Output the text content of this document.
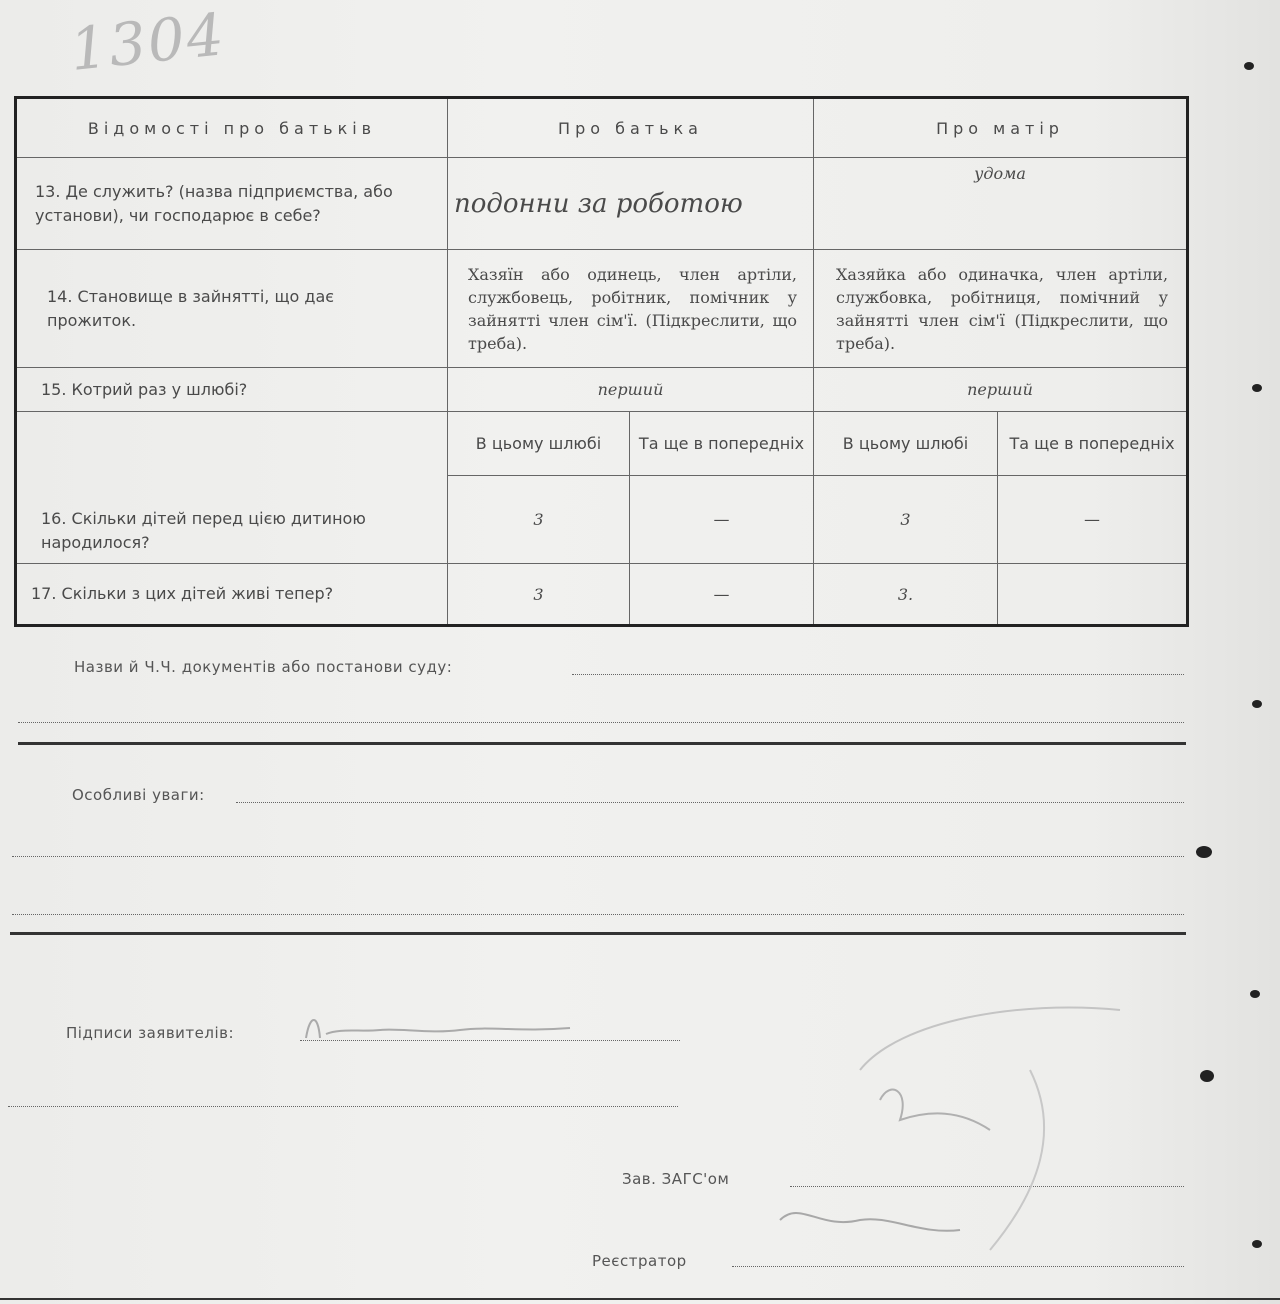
1304
Відомості про батьків	Про батька		Про матір	
13. Де служить? (назва підприємства, або установи), чи господарює в себе?	подонни за роботою		удома	
14. Становище в зайнятті, що дає прожиток.	Хазяїн або одинець, член артіли, службовець, робітник, помічник у зайнятті член сім'ї. (Підкреслити, що треба).		Хазяйка або одиначка, член артіли, службовка, робітниця, помічний у зайнятті член сім'ї (Підкреслити, що треба).	
15. Котрий раз у шлюбі?	перший		перший	
16. Скільки дітей перед цією дитиною народилося?	В цьому шлюбі	Та ще в попередніх	В цьому шлюбі	Та ще в попередніх
	3	—	3	—
17. Скільки з цих дітей живі тепер?	3	—	3.	
Назви й Ч.Ч. документів або постанови суду:
Особливі уваги:
Підписи заявителів:
Зав. ЗАГС'ом
Реєстратор
